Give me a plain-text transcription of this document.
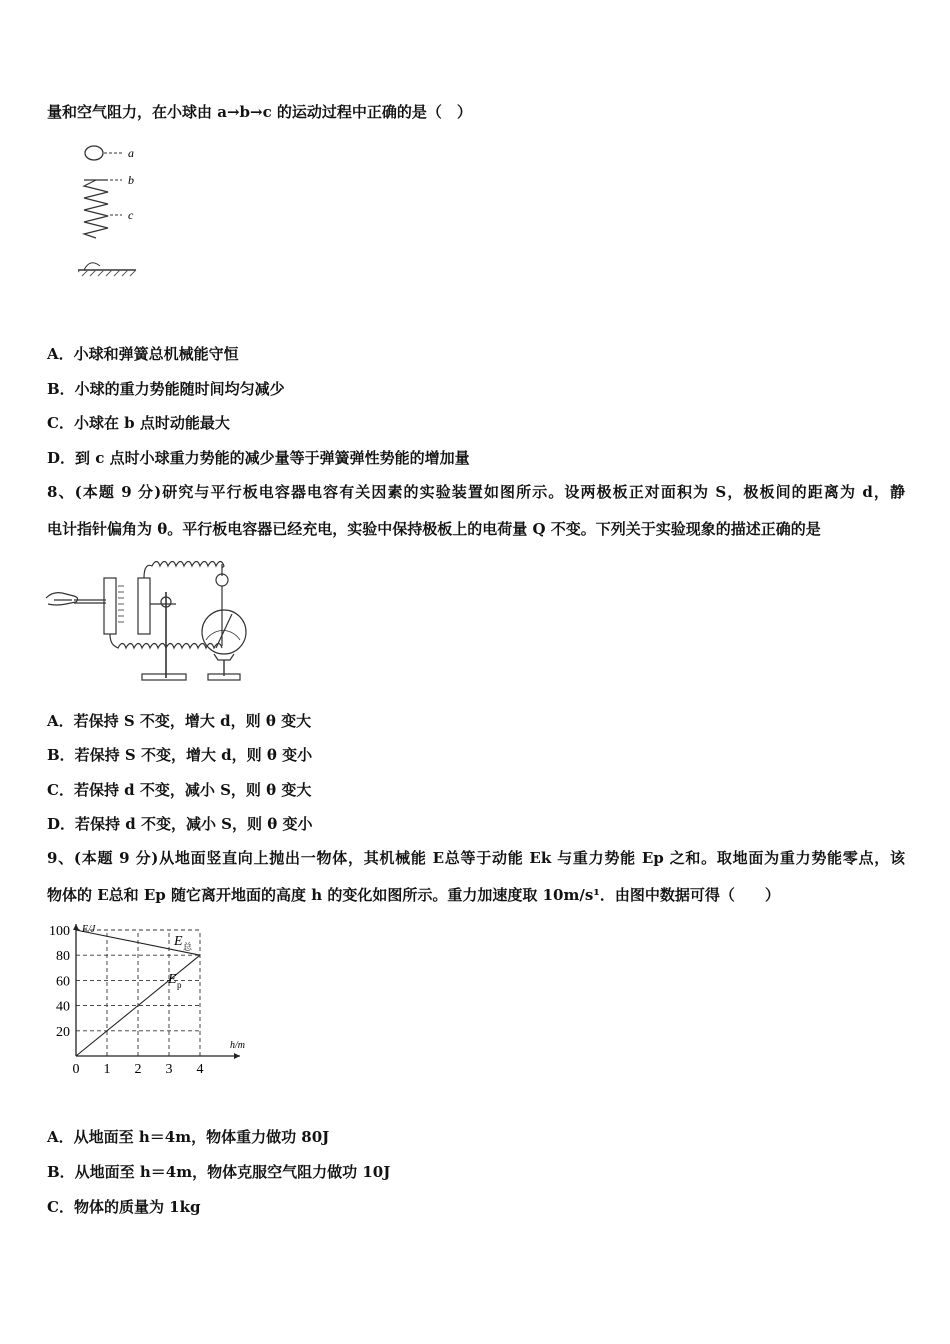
量和空气阻力，在小球由 a→b→c 的运动过程中正确的是（　）
a
b
c
A．小球和弹簧总机械能守恒
B．小球的重力势能随时间均匀减少
C．小球在 b 点时动能最大
D．到 c 点时小球重力势能的减少量等于弹簧弹性势能的增加量
8、(本题 9 分)研究与平行板电容器电容有关因素的实验装置如图所示。设两极板正对面积为 S，极板间的距离为 d，静
电计指针偏角为 θ。平行板电容器已经充电，实验中保持极板上的电荷量 Q 不变。下列关于实验现象的描述正确的是
A．若保持 S 不变，增大 d，则 θ 变大
B．若保持 S 不变，增大 d，则 θ 变小
C．若保持 d 不变，减小 S，则 θ 变大
D．若保持 d 不变，减小 S，则 θ 变小
9、(本题 9 分)从地面竖直向上抛出一物体，其机械能 E总等于动能 Ek 与重力势能 Ep 之和。取地面为重力势能零点，该
物体的 E总和 Ep 随它离开地面的高度 h 的变化如图所示。重力加速度取 10m/s¹．由图中数据可得（　　）
0 1 2 3 4
20
40
60
80
100
h/m
E/J
E 总
E p
A．从地面至 h＝4m，物体重力做功 80J
B．从地面至 h＝4m，物体克服空气阻力做功 10J
C．物体的质量为 1kg
